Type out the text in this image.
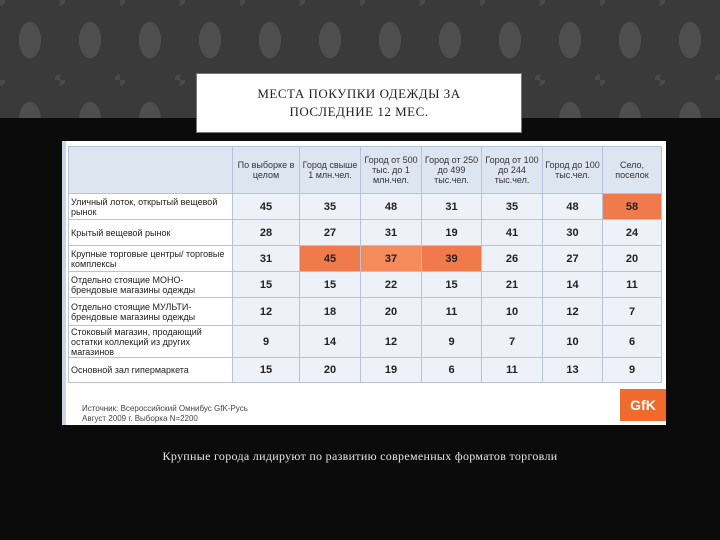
МЕСТА ПОКУПКИ ОДЕЖДЫ ЗА ПОСЛЕДНИЕ 12 МЕС.
	По выборке в целом	Город свыше 1 млн.чел.	Город от 500 тыс. до 1 млн.чел.	Город от 250 до 499 тыс.чел.	Город от 100 до 244 тыс.чел.	Город до 100 тыс.чел.	Село, поселок
Уличный лоток, открытый вещевой рынок	45	35	48	31	35	48	58
Крытый вещевой рынок	28	27	31	19	41	30	24
Крупные торговые центры/ торговые комплексы	31	45	37	39	26	27	20
Отдельно стоящие МОНО-брендовые магазины одежды	15	15	22	15	21	14	11
Отдельно стоящие МУЛЬТИ-брендовые магазины одежды	12	18	20	11	10	12	7
Стоковый магазин, продающий остатки коллекций из других магазинов	9	14	12	9	7	10	6
Основной зал гипермаркета	15	20	19	6	11	13	9
Источник: Всероссийский Омнибус GfK-Русь
Август 2009 г. Выборка N=2200
GfK
Крупные города лидируют по развитию современных форматов торговли
